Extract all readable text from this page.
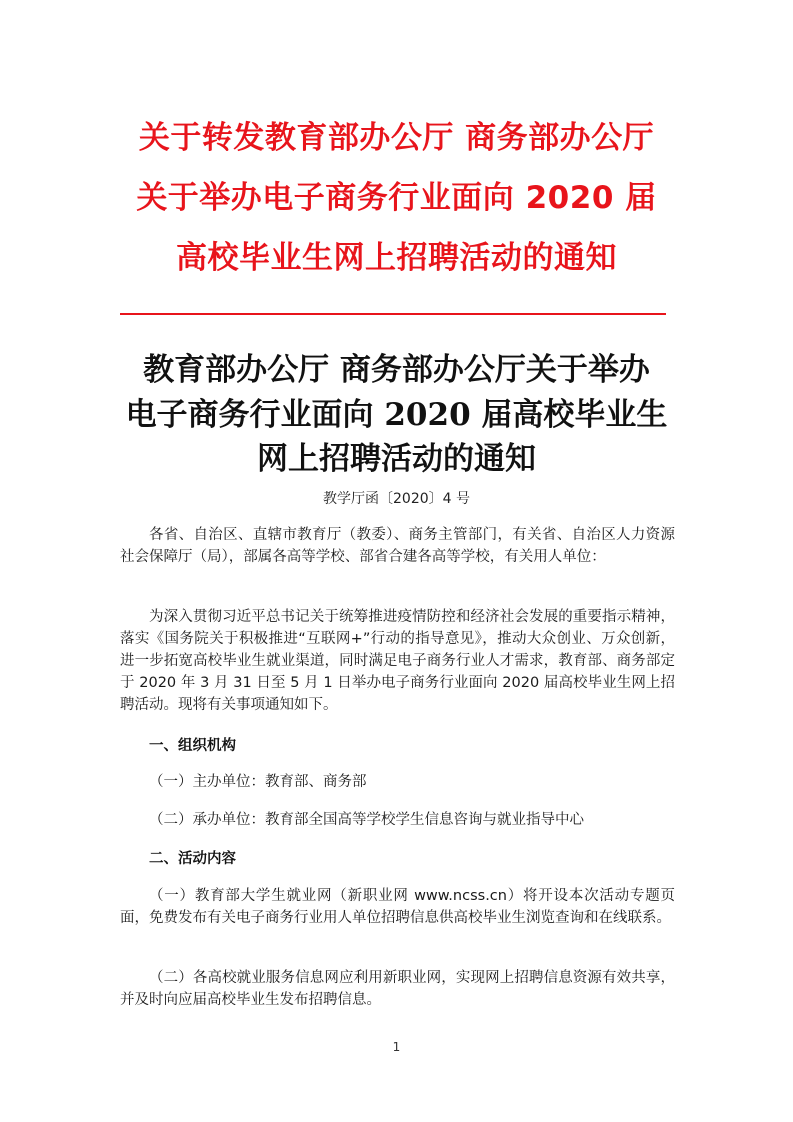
关于转发教育部办公厅 商务部办公厅
关于举办电子商务行业面向 2020 届
高校毕业生网上招聘活动的通知
教育部办公厅 商务部办公厅关于举办
电子商务行业面向 2020 届高校毕业生
网上招聘活动的通知
教学厅函〔2020〕4 号
各省、自治区、直辖市教育厅（教委）、商务主管部门，有关省、自治区人力资源社会保障厅（局），部属各高等学校、部省合建各高等学校，有关用人单位：
为深入贯彻习近平总书记关于统筹推进疫情防控和经济社会发展的重要指示精神，落实《国务院关于积极推进“互联网+”行动的指导意见》，推动大众创业、万众创新，进一步拓宽高校毕业生就业渠道，同时满足电子商务行业人才需求，教育部、商务部定于 2020 年 3 月 31 日至 5 月 1 日举办电子商务行业面向 2020 届高校毕业生网上招聘活动。现将有关事项通知如下。
一、组织机构
（一）主办单位：教育部、商务部
（二）承办单位：教育部全国高等学校学生信息咨询与就业指导中心
二、活动内容
（一）教育部大学生就业网（新职业网 www.ncss.cn）将开设本次活动专题页面，免费发布有关电子商务行业用人单位招聘信息供高校毕业生浏览查询和在线联系。
（二）各高校就业服务信息网应利用新职业网，实现网上招聘信息资源有效共享，并及时向应届高校毕业生发布招聘信息。
1
